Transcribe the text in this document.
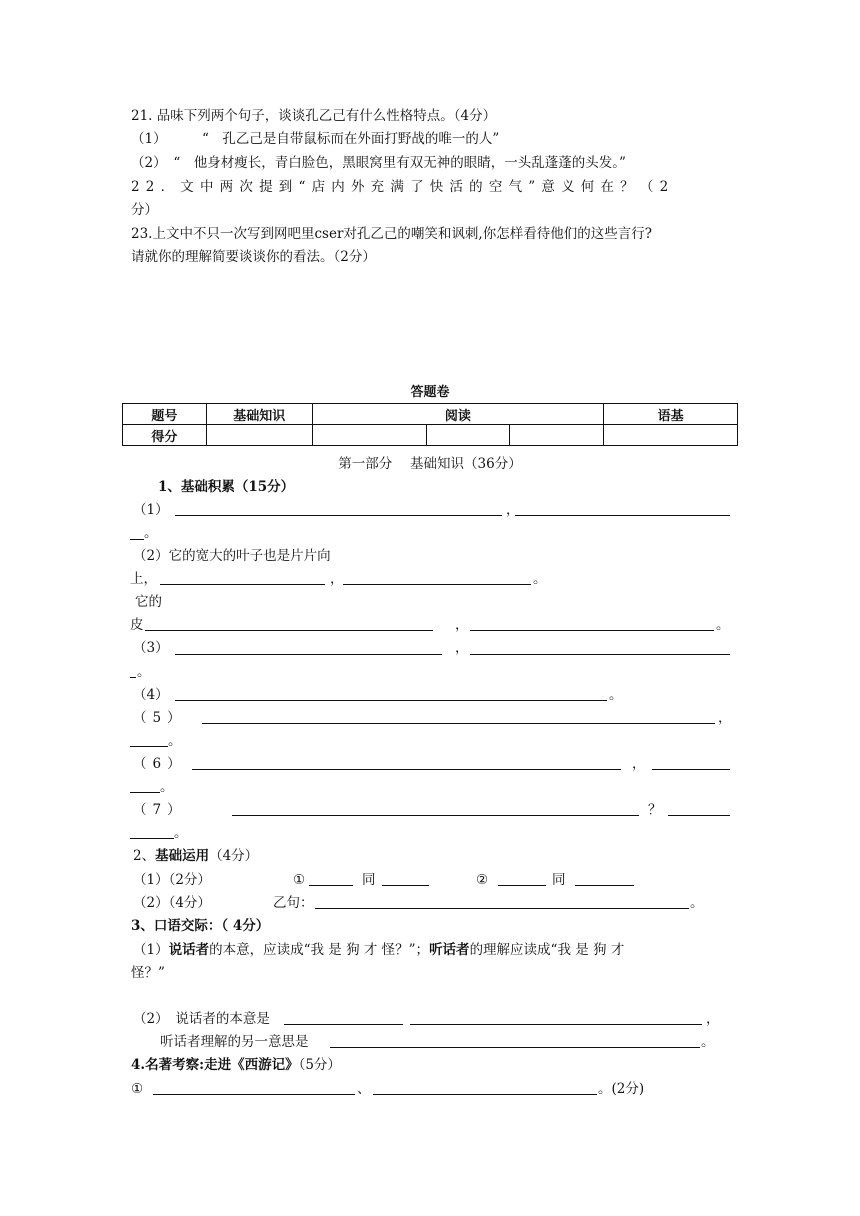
21. 品味下列两个句子，谈谈孔乙己有什么性格特点。（4分）
（1）	“　孔乙己是自带鼠标而在外面打野战的唯一的人”
（2）　“　他身材瘦长，青白脸色，黑眼窝里有双无神的眼睛，一头乱蓬蓬的头发。”
22．文中两次提到“店内外充满了快活的空气”意义何在？（2
分）
23.上文中不只一次写到网吧里cser对孔乙己的嘲笑和讽刺,你怎样看待他们的这些言行?
请就你的理解简要谈谈你的看法。（2分）
答题卷
题号	基础知识	阅读			语基
得分					
第一部分　 基础知识（36分）
1、基础积累（15分）
（1）	，
。
（2）它的宽大的叶子也是片片向
上，	，	。
它的
皮	，	。
（3）	，
。
（4）	。
（5）	，
。
（6）	，
。
（7）	？
。
2、基础运用（4分）
（1）（2分）	①	同	②	同
（2）（4分）	乙句：	。
3、口语交际：（ 4分）
（1）说话者的本意，应读成“我 是 狗 才 怪？”；听话者的理解应读成“我 是 狗 才
怪？”
（2）　说话者的本意是	，
听话者理解的另一意思是	。
4.名著考察:走进《西游记》（5分）
①	、	。(2分)
